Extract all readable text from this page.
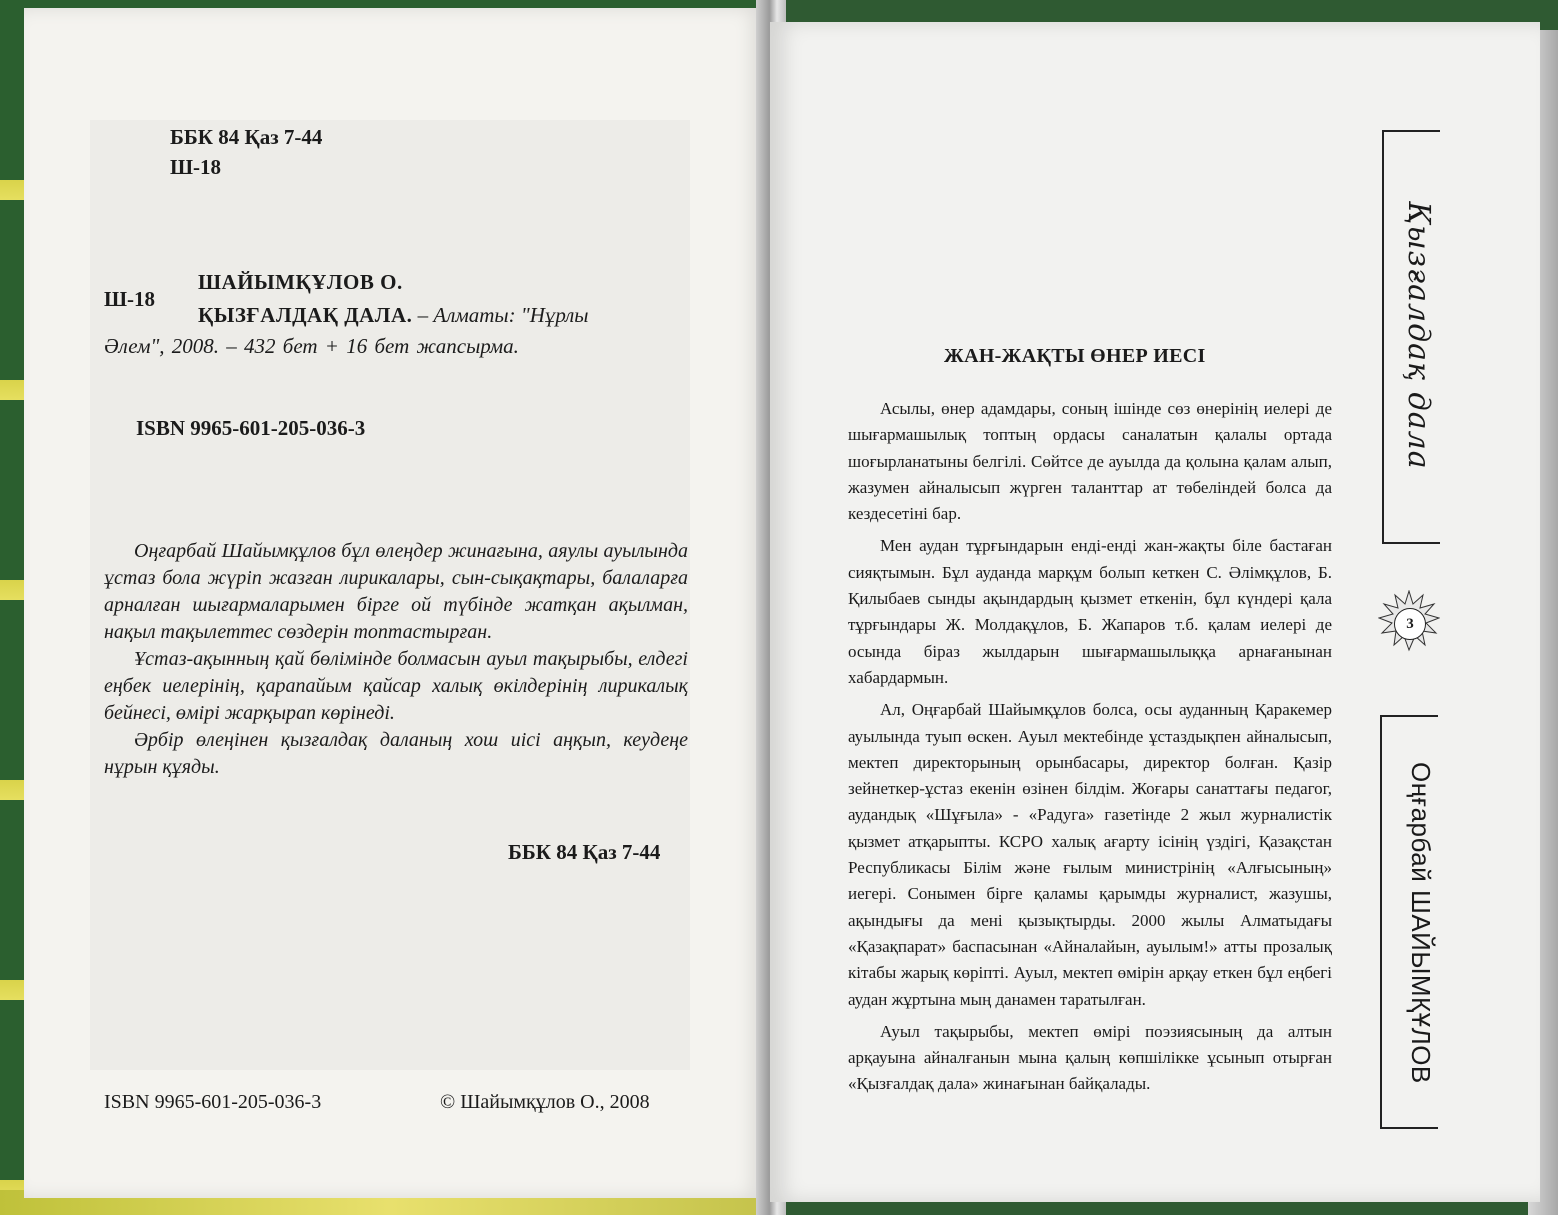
ББК 84 Қаз 7-44
Ш-18
Ш-18
ШАЙЫМҚҰЛОВ О.
ҚЫЗҒАЛДАҚ ДАЛА. – Алматы: "Нұрлы
Әлем", 2008. – 432 бет + 16 бет жапсырма.
ISBN 9965-601-205-036-3

Оңғарбай Шайымқұлов бұл өлеңдер жинағына, аяулы ауылында ұстаз бола жүріп жазған лирикалары, сын-сықақтары, балаларға арналған шығармаларымен бірге ой түбінде жатқан ақылман, нақыл тақылеттес сөздерін топтастырған.

Ұстаз-ақынның қай бөлімінде болмасын ауыл тақырыбы, елдегі еңбек иелерінің, қарапайым қайсар халық өкілдерінің лирикалық бейнесі, өмірі жарқырап көрінеді.

Әрбір өлеңінен қызғалдақ даланың хош иісі аңқып, кеудеңе нұрын құяды.

ББК 84 Қаз 7-44
ISBN 9965-601-205-036-3	© Шайымқұлов О., 2008
ЖАН-ЖАҚТЫ ӨНЕР ИЕСІ

Асылы, өнер адамдары, соның ішінде сөз өнерінің иелері де шығармашылық топтың ордасы саналатын қалалы ортада шоғырланатыны белгілі. Сөйтсе де ауылда да қолына қалам алып, жазумен айналысып жүрген таланттар ат төбеліндей болса да кездесетіні бар.

Мен аудан тұрғындарын енді-енді жан-жақты біле бастаған сияқтымын. Бұл ауданда марқұм болып кеткен С. Әлімқұлов, Б. Қилыбаев сынды ақындардың қызмет еткенін, бұл күндері қала тұрғындары Ж. Молдақұлов, Б. Жапаров т.б. қалам иелері де осында біраз жылдарын шығармашылыққа арнағанынан хабардармын.

Ал, Оңғарбай Шайымқұлов болса, осы ауданның Қаракемер ауылында туып өскен. Ауыл мектебінде ұстаздықпен айналысып, мектеп директорының орынбасары, директор болған. Қазір зейнеткер-ұстаз екенін өзінен білдім. Жоғары санаттағы педагог, аудандық «Шұғыла» - «Радуга» газетінде 2 жыл журналистік қызмет атқарыпты. КСРО халық ағарту ісінің үздігі, Қазақстан Республикасы Білім және ғылым министрінің «Алғысының» иегері. Сонымен бірге қаламы қарымды журналист, жазушы, ақындығы да мені қызықтырды. 2000 жылы Алматыдағы «Қазақпарат» баспасынан «Айналайын, ауылым!» атты прозалық кітабы жарық көріпті. Ауыл, мектеп өмірін арқау еткен бұл еңбегі аудан жұртына мың данамен таратылған.

Ауыл тақырыбы, мектеп өмірі поэзиясының да алтын арқауына айналғанын мына қалың көпшілікке ұсынып отырған «Қызғалдақ дала» жинағынан байқалады.

Қызғалдақ дала
3
Оңғарбай ШАЙЫМҚҰЛОВ
